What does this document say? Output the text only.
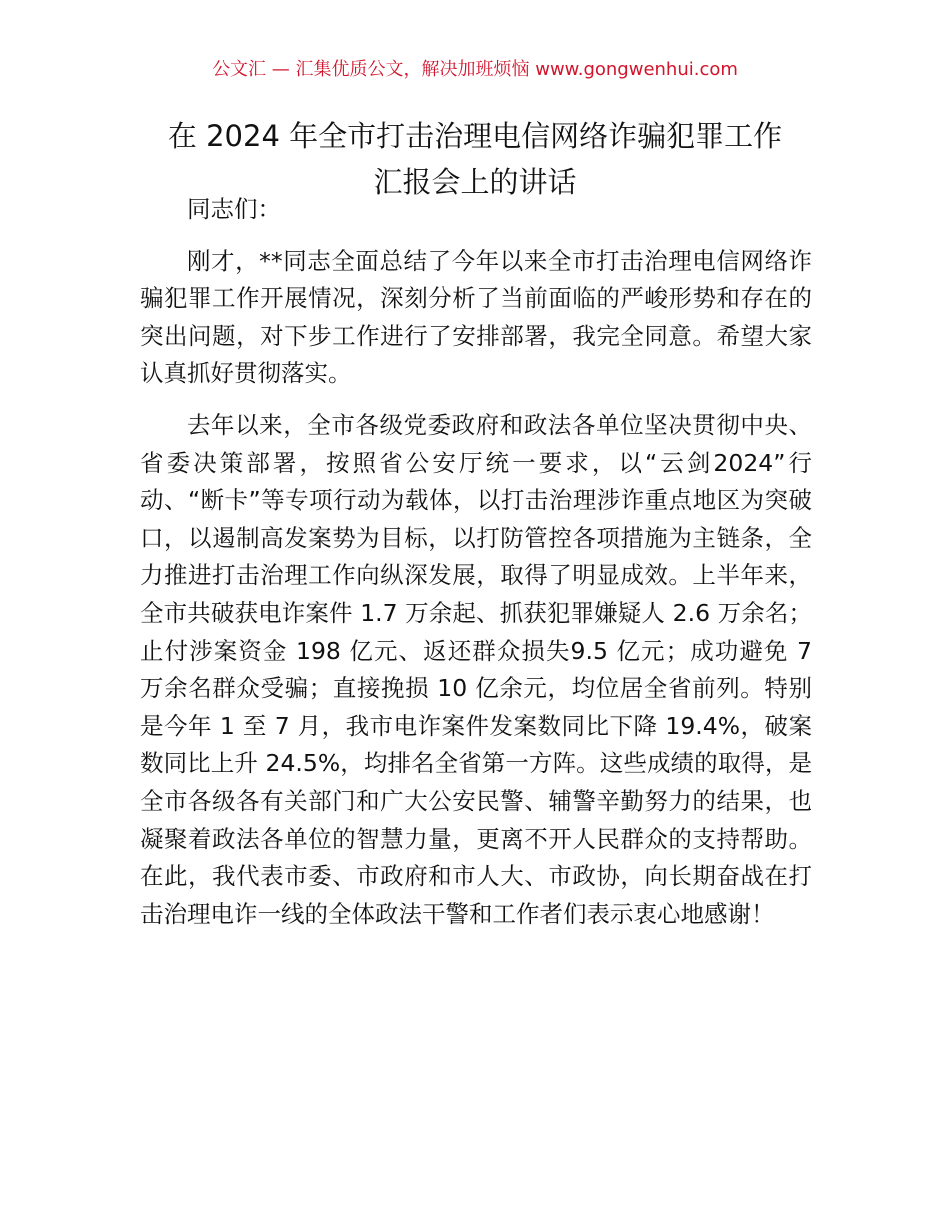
公文汇 — 汇集优质公文，解决加班烦恼 www.gongwenhui.com
在 2024 年全市打击治理电信网络诈骗犯罪工作
汇报会上的讲话

同志们：

刚才，**同志全面总结了今年以来全市打击治理电信网络诈骗犯罪工作开展情况，深刻分析了当前面临的严峻形势和存在的突出问题，对下步工作进行了安排部署，我完全同意。希望大家认真抓好贯彻落实。

去年以来，全市各级党委政府和政法各单位坚决贯彻中央、省委决策部署，按照省公安厅统一要求，以“云剑2024”行动、“断卡”等专项行动为载体，以打击治理涉诈重点地区为突破口，以遏制高发案势为目标，以打防管控各项措施为主链条，全力推进打击治理工作向纵深发展，取得了明显成效。上半年来，全市共破获电诈案件 1.7 万余起、抓获犯罪嫌疑人 2.6 万余名；止付涉案资金 198 亿元、返还群众损失9.5 亿元；成功避免 7 万余名群众受骗；直接挽损 10 亿余元，均位居全省前列。特别是今年 1 至 7 月，我市电诈案件发案数同比下降 19.4%，破案数同比上升 24.5%，均排名全省第一方阵。这些成绩的取得，是全市各级各有关部门和广大公安民警、辅警辛勤努力的结果，也凝聚着政法各单位的智慧力量，更离不开人民群众的支持帮助。在此，我代表市委、市政府和市人大、市政协，向长期奋战在打击治理电诈一线的全体政法干警和工作者们表示衷心地感谢！
